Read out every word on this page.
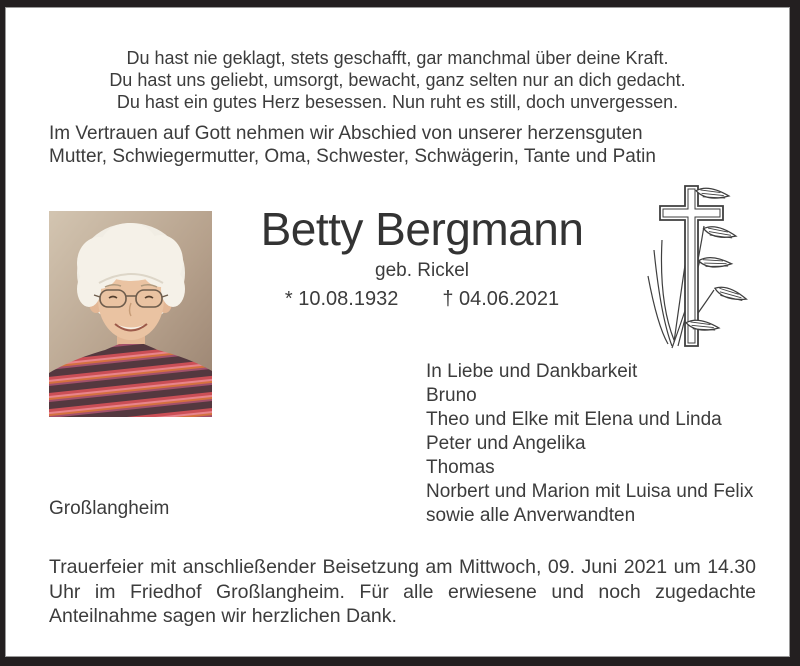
Du hast nie geklagt, stets geschafft, gar manchmal über deine Kraft.
Du hast uns geliebt, umsorgt, bewacht, ganz selten nur an dich gedacht.
Du hast ein gutes Herz besessen. Nun ruht es still, doch unvergessen.
Im Vertrauen auf Gott nehmen wir Abschied von unserer herzensguten
Mutter, Schwiegermutter, Oma, Schwester, Schwägerin, Tante und Patin
Betty Bergmann
geb. Rickel
* 10.08.1932 † 04.06.2021
In Liebe und Dankbarkeit
Bruno
Theo und Elke mit Elena und Linda
Peter und Angelika
Thomas
Norbert und Marion mit Luisa und Felix
sowie alle Anverwandten
Großlangheim
Trauerfeier mit anschließender Beisetzung am Mittwoch, 09. Juni 2021 um 14.30 Uhr im Friedhof Großlangheim. Für alle erwiesene und noch zugedachte Anteilnahme sagen wir herzlichen Dank.
